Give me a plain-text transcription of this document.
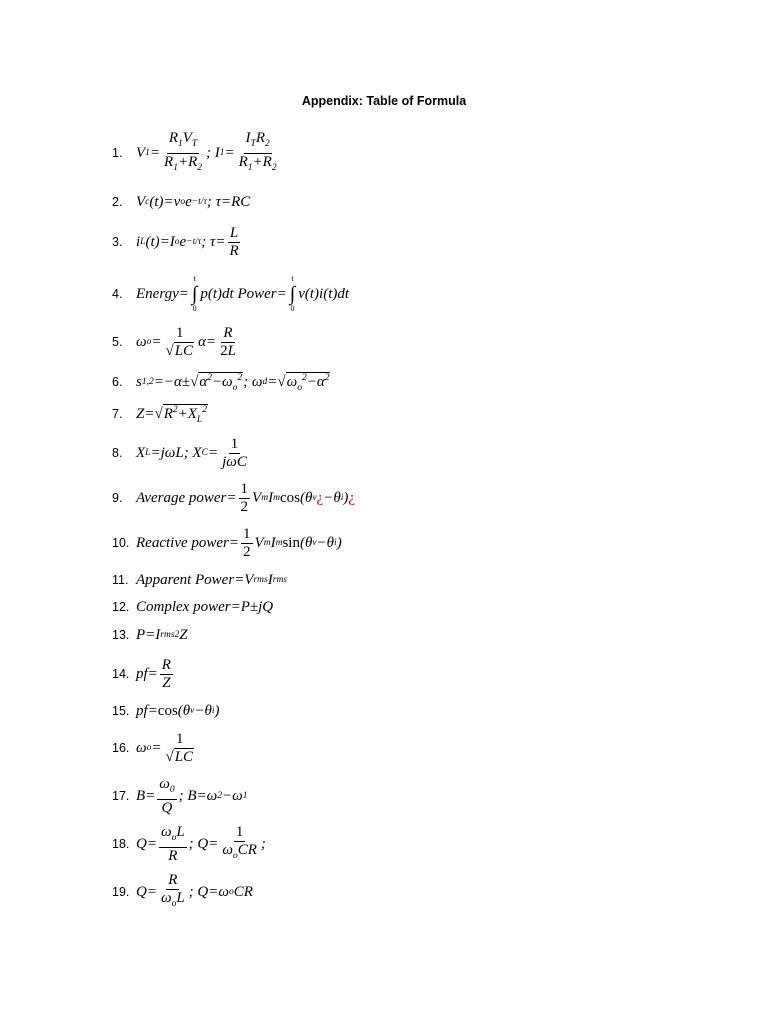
Appendix: Table of Formula
1. V $1 = \frac{R_1V_T}{R_1+R_2}$ ; I $1 = \frac{I_TR_2}{R_1+R_2}$
2. V c (t)=v o e −t/τ ; τ=RC
3. i L (t)=I o e −t/τ ; $\tau= \frac{L}{R}$
4. Energy =
t
∫
0
p(t)dt Power =
t
∫
0
v(t)i(t)dt
5. ω $o = \frac{1}{√LC} \alpha= \frac{R}{2L}$
6. s 1,2 =−α± √ $\alpha^2-\omega_o^2$ ; ω d = √ $\omega_o^2-\alpha^2$
7. Z= √ $R^2+X_L^2$
8. X L =jωL; X $C = \frac{1}{\text{jωC}}$
9. Average power = $\frac{1}{2}$ V m I m cos (θ v ¿ −θ i ) ¿
10. Reactive power = $\frac{1}{2}$ V m I m sin (θ v −θ i )
11. Apparent Power =V rms I rms
12. Complex power =P±jQ
13. P=I rms 2 Z
14. $pf= \frac{R}{Z}$
15. pf= cos (θ v −θ i )
16. ω $o = \frac{1}{√LC}$
17. $B= \frac{\omega_0}{Q}$ ; B=ω 2 −ω 1
18. $Q= \frac{\omega_oL}{R}$ ; $Q= \frac{1}{\omega_oCR}$ ;
19. $Q= \frac{R}{\omega_oL}$ ; Q=ω o CR
